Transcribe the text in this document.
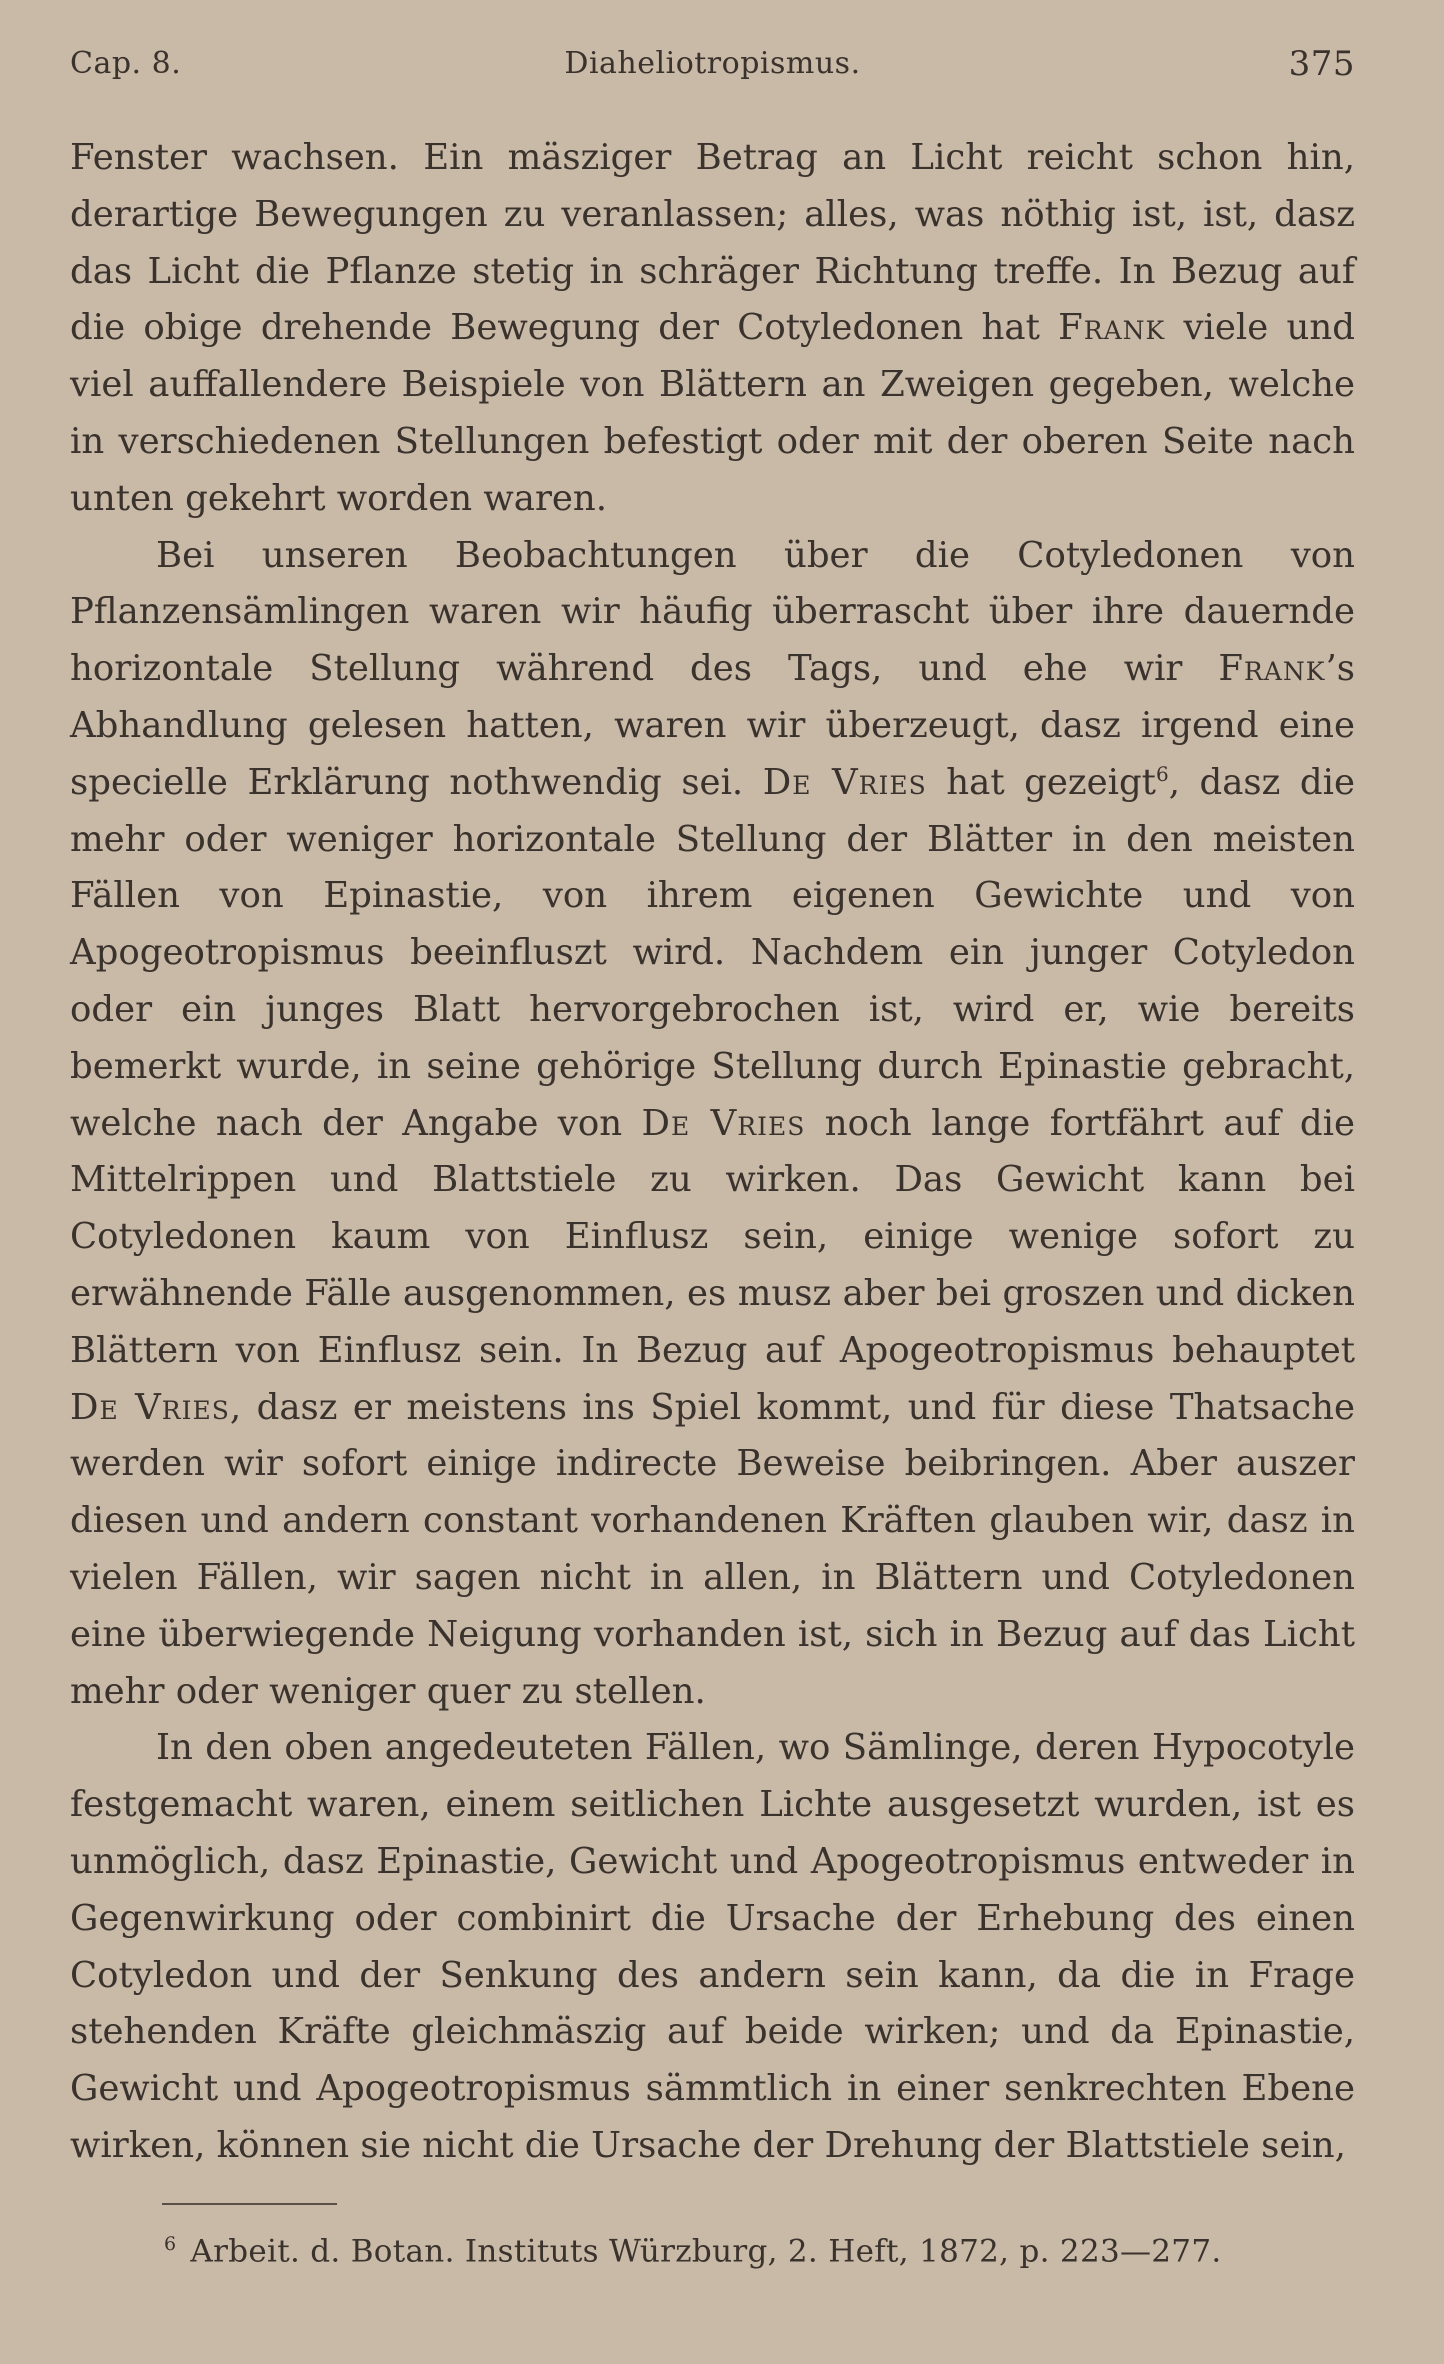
Cap. 8.	Diaheliotropismus.	375

Fenster wachsen. Ein mäsziger Betrag an Licht reicht schon hin, derartige Bewegungen zu veranlassen; alles, was nöthig ist, ist, dasz das Licht die Pflanze stetig in schräger Richtung treffe. In Bezug auf die obige drehende Bewegung der Cotyledonen hat Frank viele und viel auffallendere Beispiele von Blättern an Zweigen gegeben, welche in verschiedenen Stellungen befestigt oder mit der oberen Seite nach unten gekehrt worden waren.

Bei unseren Beobachtungen über die Cotyledonen von Pflanzensämlingen waren wir häufig überrascht über ihre dauernde horizontale Stellung während des Tags, und ehe wir Frank’s Abhandlung gelesen hatten, waren wir überzeugt, dasz irgend eine specielle Erklärung nothwendig sei. De Vries hat gezeigt$^6$, dasz die mehr oder weniger horizontale Stellung der Blätter in den meisten Fällen von Epinastie, von ihrem eigenen Gewichte und von Apogeotropismus beeinfluszt wird. Nachdem ein junger Cotyledon oder ein junges Blatt hervorgebrochen ist, wird er, wie bereits bemerkt wurde, in seine gehörige Stellung durch Epinastie gebracht, welche nach der Angabe von De Vries noch lange fortfährt auf die Mittelrippen und Blattstiele zu wirken. Das Gewicht kann bei Cotyledonen kaum von Einflusz sein, einige wenige sofort zu erwähnende Fälle ausgenommen, es musz aber bei groszen und dicken Blättern von Einflusz sein. In Bezug auf Apogeotropismus behauptet De Vries, dasz er meistens ins Spiel kommt, und für diese Thatsache werden wir sofort einige indirecte Beweise beibringen. Aber auszer diesen und andern constant vorhandenen Kräften glauben wir, dasz in vielen Fällen, wir sagen nicht in allen, in Blättern und Cotyledonen eine überwiegende Neigung vorhanden ist, sich in Bezug auf das Licht mehr oder weniger quer zu stellen.

In den oben angedeuteten Fällen, wo Sämlinge, deren Hypocotyle festgemacht waren, einem seitlichen Lichte ausgesetzt wurden, ist es unmöglich, dasz Epinastie, Gewicht und Apogeotropismus entweder in Gegenwirkung oder combinirt die Ursache der Erhebung des einen Cotyledon und der Senkung des andern sein kann, da die in Frage stehenden Kräfte gleichmäszig auf beide wirken; und da Epinastie, Gewicht und Apogeotropismus sämmtlich in einer senkrechten Ebene wirken, können sie nicht die Ursache der Drehung der Blattstiele sein,

$^6$ Arbeit. d. Botan. Instituts Würzburg, 2. Heft, 1872, p. 223—277.
